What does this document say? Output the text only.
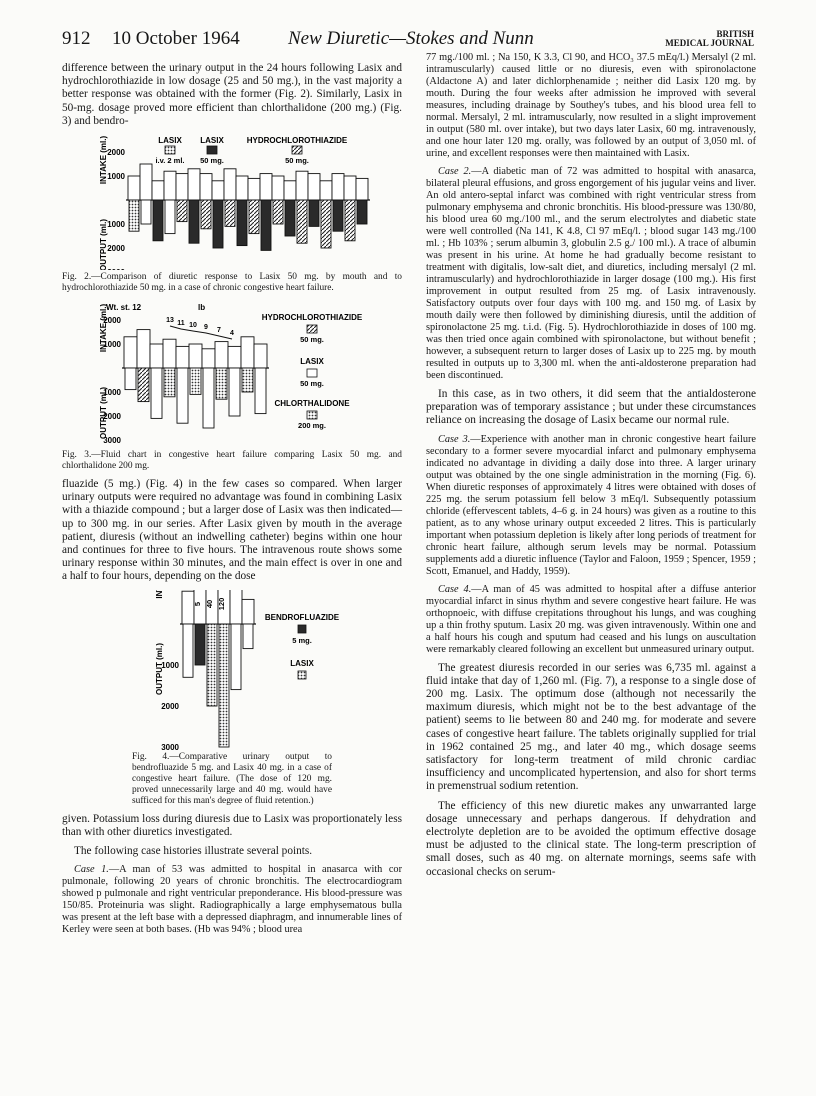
912 10 October 1964	New Diuretic—Stokes and Nunn	BRITISH
MEDICAL JOURNAL

difference between the urinary output in the 24 hours following Lasix and hydrochlorothiazide in low dosage (25 and 50 mg.), in the vast majority a better response was obtained with the former (Fig. 2). Similarly, Lasix in 50-mg. dosage proved more efficient than chlorthalidone (200 mg.) (Fig. 3) and bendro-

INTAKE (ml.)
OUTPUT (ml.)
2000
1000
1000
2000
LASIX
i.v. 2 ml.
LASIX
50 mg.
HYDROCHLOROTHIAZIDE
50 mg.
Fig. 2.—Comparison of diuretic response to Lasix 50 mg. by mouth and to hydrochlorothiazide 50 mg. in a case of chronic congestive heart failure.
INTAKE (ml.)
OUTPUT (ml.)
2000
1000
1000
2000
3000
Wt. st. 12	lb
13 11 10 9 7 4
HYDROCHLOROTHIAZIDE
50 mg.
LASIX
50 mg.
CHLORTHALIDONE
200 mg.
Fig. 3.—Fluid chart in congestive heart failure comparing Lasix 50 mg. and chlorthalidone 200 mg.

fluazide (5 mg.) (Fig. 4) in the few cases so compared. When larger urinary outputs were required no advantage was found in combining Lasix with a thiazide compound ; but a larger dose of Lasix was then indicated—up to 300 mg. in our series. After Lasix given by mouth in the average patient, diuresis (without an indwelling catheter) begins within one hour and continues for three to five hours. The intravenous route shows some urinary response within 30 minutes, and the main effect is over in one and a half to four hours, depending on the dose

OUTPUT (ml.)
1000
2000
3000
5 40 120
BENDROFLUAZIDE
5 mg.
LASIX
Fig. 4.—Comparative urinary output to bendrofluazide 5 mg. and Lasix 40 mg. in a case of congestive heart failure. (The dose of 120 mg. proved unnecessarily large and 40 mg. would have sufficed for this man's degree of fluid retention.)

given. Potassium loss during diuresis due to Lasix was proportionately less than with other diuretics investigated.

The following case histories illustrate several points.

Case 1.—A man of 53 was admitted to hospital in anasarca with cor pulmonale, following 20 years of chronic bronchitis. The electrocardiogram showed p pulmonale and right ventricular preponderance. His blood-pressure was 150/85. Proteinuria was slight. Radiographically a large emphysematous bulla was present at the left base with a depressed diaphragm, and innumerable lines of Kerley were seen at both bases. (Hb was 94% ; blood urea

77 mg./100 ml. ; Na 150, K 3.3, Cl 90, and HCO₃ 37.5 mEq/l.) Mersalyl (2 ml. intramuscularly) caused little or no diuresis, even with spironolactone (Aldactone A) and later dichlorphenamide ; neither did Lasix 120 mg. by mouth. During the four weeks after admission he improved with several measures, including drainage by Southey's tubes, and his blood urea fell to normal. Mersalyl, 2 ml. intramuscularly, now resulted in a slight improvement in output (580 ml. over intake), but two days later Lasix, 60 mg. intravenously, and one hour later 120 mg. orally, was followed by an output of 3,050 ml. of urine, and excellent responses were then maintained with Lasix.

Case 2.—A diabetic man of 72 was admitted to hospital with anasarca, bilateral pleural effusions, and gross engorgement of his jugular veins and liver. An old antero-septal infarct was combined with right ventricular stress from pulmonary emphysema and chronic bronchitis. His blood-pressure was 130/80, his blood urea 60 mg./100 ml., and the serum electrolytes and diabetic state were well controlled (Na 141, K 4.8, Cl 97 mEq/l. ; blood sugar 143 mg./100 ml. ; Hb 103% ; serum albumin 3, globulin 2.5 g./ 100 ml.). A trace of albumin was present in his urine. At home he had gradually become resistant to treatment with digitalis, low-salt diet, and diuretics, including mersalyl (2 ml. intramuscularly) and hydrochlorothiazide in larger dosage (100 mg.). His first improvement in output resulted from 25 mg. of Lasix intravenously. Satisfactory outputs over four days with 100 mg. and 150 mg. of Lasix by mouth daily were then followed by diminishing diuresis, until the addition of spironolactone 25 mg. t.i.d. (Fig. 5). Hydrochlorothiazide in doses of 100 mg. was then tried once again combined with spironolactone, but without benefit ; however, a subsequent return to larger doses of Lasix up to 225 mg. by mouth resulted in outputs up to 3,300 ml. when the anti-aldosterone preparation had been discontinued.

In this case, as in two others, it did seem that the antialdosterone preparation was of temporary assistance ; but under these circumstances reliance on increasing the dosage of Lasix became our normal rule.

Case 3.—Experience with another man in chronic congestive heart failure secondary to a former severe myocardial infarct and pulmonary emphysema indicated no advantage in dividing a daily dose into three. A larger urinary output was obtained by the one single administration in the morning (Fig. 6). When diuretic responses of approximately 4 litres were obtained with doses of 225 mg. the serum potassium fell below 3 mEq/l. Subsequently potassium chloride (effervescent tablets, 4–6 g. in 24 hours) was given as a routine to this patient, as to any whose urinary output exceeded 2 litres. This is particularly important when potassium depletion is likely after long periods of treatment for chronic heart failure, although serum levels may be normal. Potassium supplements add a diuretic influence (Taylor and Faloon, 1959 ; Spencer, 1959 ; Scott, Emanuel, and Haddy, 1959).

Case 4.—A man of 45 was admitted to hospital after a diffuse anterior myocardial infarct in sinus rhythm and severe congestive heart failure. He was orthopnoeic, with diffuse crepitations throughout his lungs, and was coughing up a thin frothy sputum. Lasix 20 mg. was given intravenously. Within one and a half hours his cough and sputum had ceased and his lungs on auscultation were remarkably cleared following an excellent but unmeasured urinary output.

The greatest diuresis recorded in our series was 6,735 ml. against a fluid intake that day of 1,260 ml. (Fig. 7), a response to a single dose of 200 mg. Lasix. The optimum dose (although not necessarily the maximum diuresis, which might not be to the best advantage of the patient) seems to lie between 80 and 240 mg. for moderate and severe cases of congestive heart failure. The tablets originally supplied for trial in 1962 contained 25 mg., and later 40 mg., which dosage seems satisfactory for long-term treatment of mild chronic cardiac insufficiency and uncomplicated hypertension, and also for short terms in premenstrual sodium retention.

The efficiency of this new diuretic makes any unwarranted large dosage unnecessary and perhaps dangerous. If dehydration and electrolyte depletion are to be avoided the optimum effective dosage must be adjusted to the clinical state. The long-term prescription of small doses, such as 40 mg. on alternate mornings, seems safe with occasional checks on serum-
